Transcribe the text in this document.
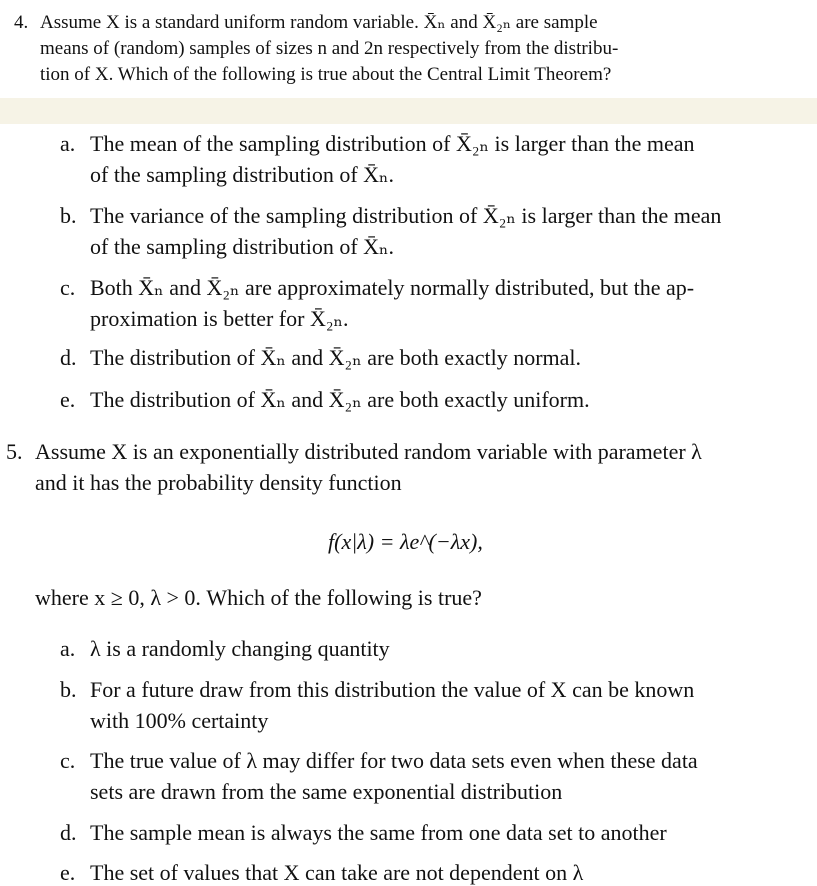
4. Assume X is a standard uniform random variable. X̄ₙ and X̄₂ₙ are sample
means of (random) samples of sizes n and 2n respectively from the distribu-
tion of X. Which of the following is true about the Central Limit Theorem?
a. The mean of the sampling distribution of X̄₂ₙ is larger than the mean
of the sampling distribution of X̄ₙ.
b. The variance of the sampling distribution of X̄₂ₙ is larger than the mean
of the sampling distribution of X̄ₙ.
c. Both X̄ₙ and X̄₂ₙ are approximately normally distributed, but the ap-
proximation is better for X̄₂ₙ.
d. The distribution of X̄ₙ and X̄₂ₙ are both exactly normal.
e. The distribution of X̄ₙ and X̄₂ₙ are both exactly uniform.
5. Assume X is an exponentially distributed random variable with parameter λ
and it has the probability density function
f(x|λ) = λe^(−λx),
where x ≥ 0, λ > 0. Which of the following is true?
a. λ is a randomly changing quantity
b. For a future draw from this distribution the value of X can be known
with 100% certainty
c. The true value of λ may differ for two data sets even when these data
sets are drawn from the same exponential distribution
d. The sample mean is always the same from one data set to another
e. The set of values that X can take are not dependent on λ
